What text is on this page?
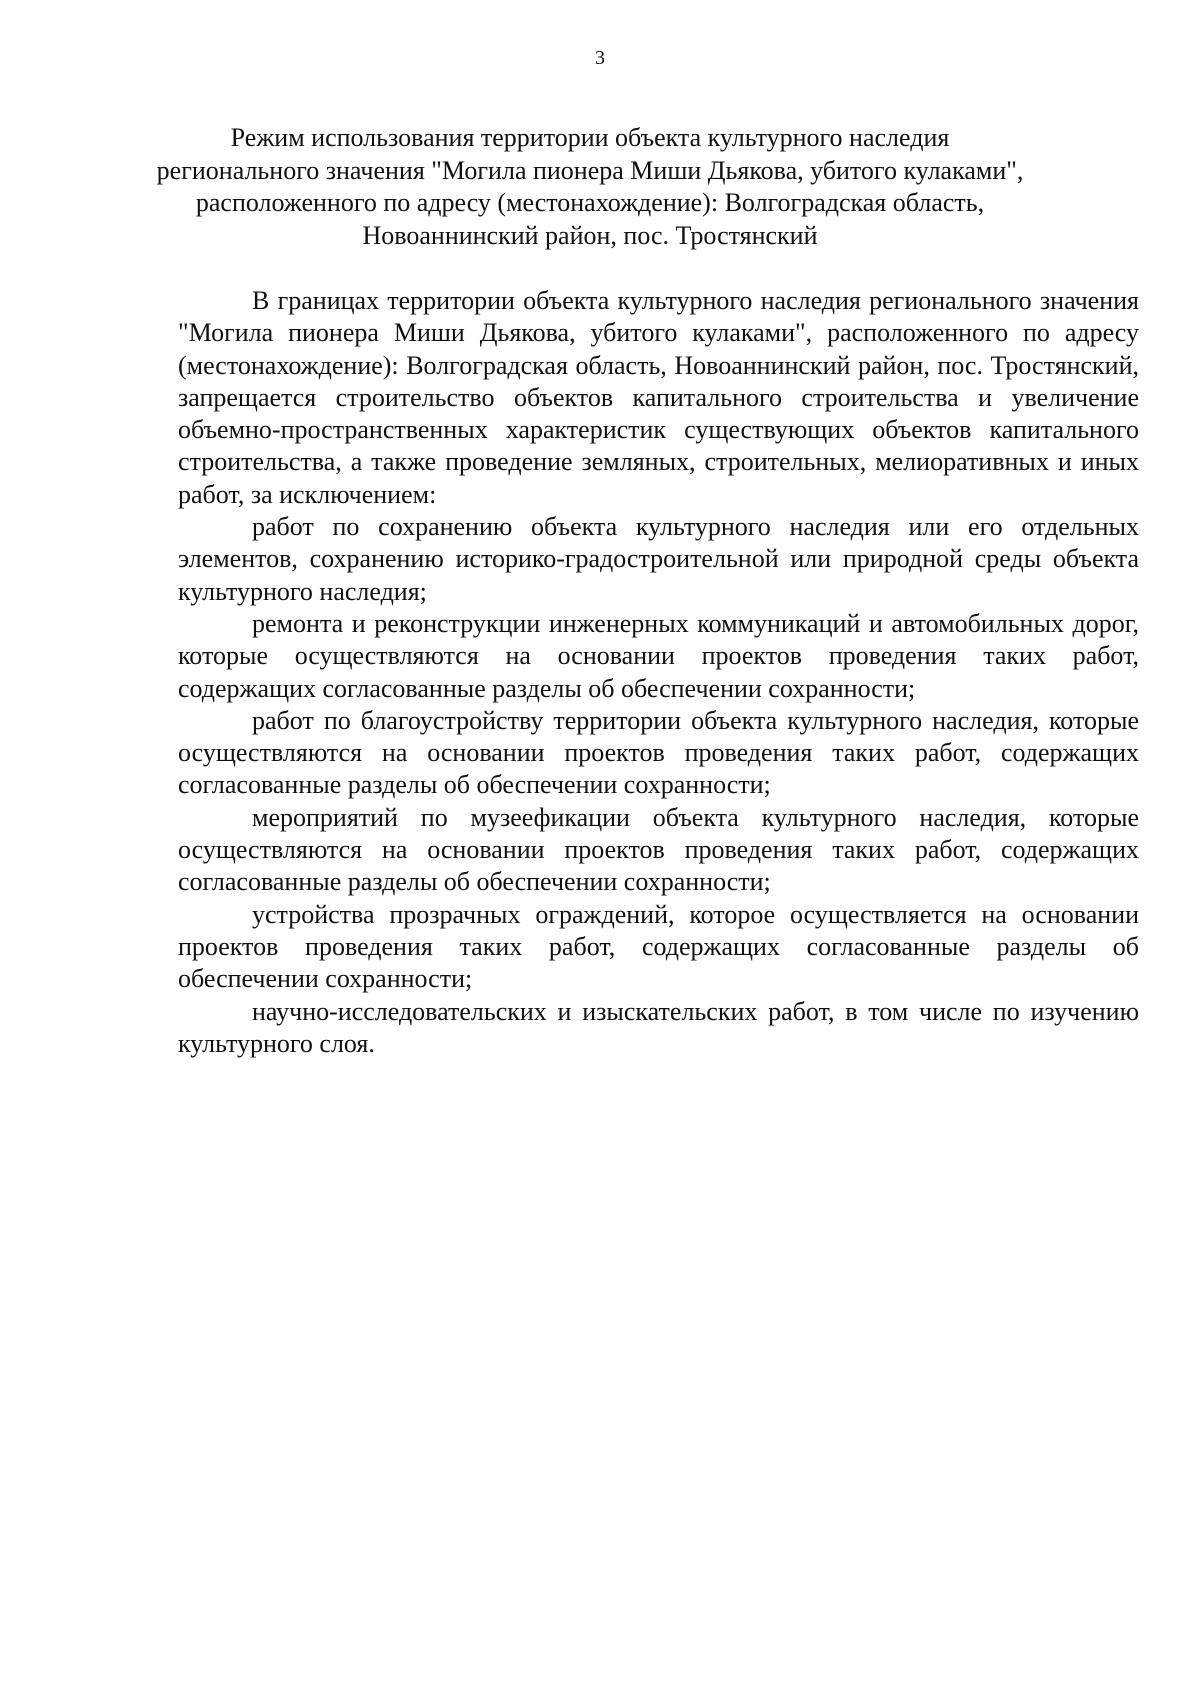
3
Режим использования территории объекта культурного наследия
регионального значения "Могила пионера Миши Дьякова, убитого кулаками",
расположенного по адресу (местонахождение): Волгоградская область,
Новоаннинский район, пос. Тростянский

В границах территории объекта культурного наследия регионального значения "Могила пионера Миши Дьякова, убитого кулаками", расположенного по адресу (местонахождение): Волгоградская область, Новоаннинский район, пос. Тростянский, запрещается строительство объектов капитального строительства и увеличение объемно-пространственных характеристик существующих объектов капитального строительства, а также проведение земляных, строительных, мелиоративных и иных работ, за исключением:

работ по сохранению объекта культурного наследия или его отдельных элементов, сохранению историко-градостроительной или природной среды объекта культурного наследия;

ремонта и реконструкции инженерных коммуникаций и автомобильных дорог, которые осуществляются на основании проектов проведения таких работ, содержащих согласованные разделы об обеспечении сохранности;

работ по благоустройству территории объекта культурного наследия, которые осуществляются на основании проектов проведения таких работ, содержащих согласованные разделы об обеспечении сохранности;

мероприятий по музеефикации объекта культурного наследия, которые осуществляются на основании проектов проведения таких работ, содержащих согласованные разделы об обеспечении сохранности;

устройства прозрачных ограждений, которое осуществляется на основании проектов проведения таких работ, содержащих согласованные разделы об обеспечении сохранности;

научно-исследовательских и изыскательских работ, в том числе по изучению культурного слоя.
